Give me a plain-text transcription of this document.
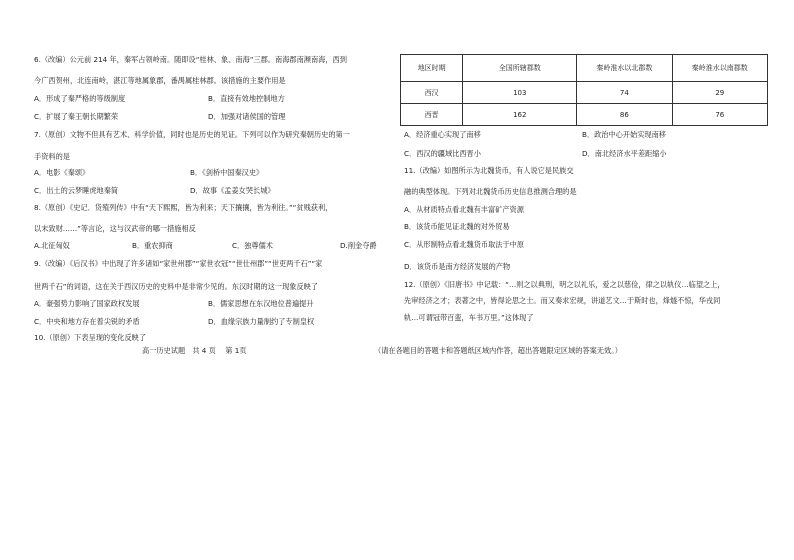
6.（改编）公元前 214 年，秦军占领岭南。随即设“桂林、象、南海”三郡。南海郡南濒南海，西到
今广西贺州，北连南岭，湛江等地属象郡，番禺属桂林郡。该措施的主要作用是
A．形成了秦严格的等级制度	B．直接有效地控制地方
C．扩展了秦王朝长期繁荣	D．加强对诸侯国的管理
7.（原创）文物不但具有艺术、科学价值，同时也是历史的见证。下列可以作为研究秦朝历史的第一
手资料的是
A．电影《秦颂》	B．《剑桥中国秦汉史》
C．出土的云梦睡虎地秦简	D．故事《孟姜女哭长城》
8.（原创）《史记．货殖列传》中有“天下熙熙，皆为利来；天下攘攘，皆为利往。”“贫贱获利，
以末致财……”等言论，这与汉武帝的哪一措施相反
A.北征匈奴	B．重农抑商	C．独尊儒术	D.削金夺爵
9.（改编）《后汉书》中出现了许多诸如“家世州郡”“家世衣冠”“世仕州郡”“世吏两千石”“家
世两千石”的词语，这在关于西汉历史的史料中是非常少见的。东汉时期的这一现象反映了
A．豪强势力影响了国家政权发展	B．儒家思想在东汉地位普遍提升
C．中央和地方存在着尖锐的矛盾	D．血缘宗族力量制约了专制皇权
10.（原创）下表呈现的变化反映了
地区时期	全国所辖郡数	秦岭淮水以北郡数	秦岭淮水以南郡数
西汉	103	74	29
西晋	162	86	76
A．经济重心实现了南移	B．政治中心开始实现南移
C．西汉的疆域比西晋小	D．南北经济水平差距缩小
11.（改编）如图所示为北魏货币，有人说它是民族交
融的典型体现。下列对北魏货币历史信息推测合理的是
A．从材质特点看北魏有丰富矿产资源
B．该货币能见证北魏的对外贸易
C．从形制特点看北魏货币取法于中原
D．该货币是南方经济发展的产物
12.（原创）《旧唐书》中记载：“…则之以典刑，明之以礼乐，爱之以慈俭，律之以轨仪…临望之上，
先审经济之才；表著之中，皆得论思之士。而又奏求宏规，讲道艺文…于斯时也，烽燧不惊，华戎同
轨…可谓冠带百蛮，车书万里。”这体现了
高一历史试题　共 4 页　 第 1页	（请在各题目的答题卡和答题纸区域内作答，超出答题限定区域的答案无效。）
